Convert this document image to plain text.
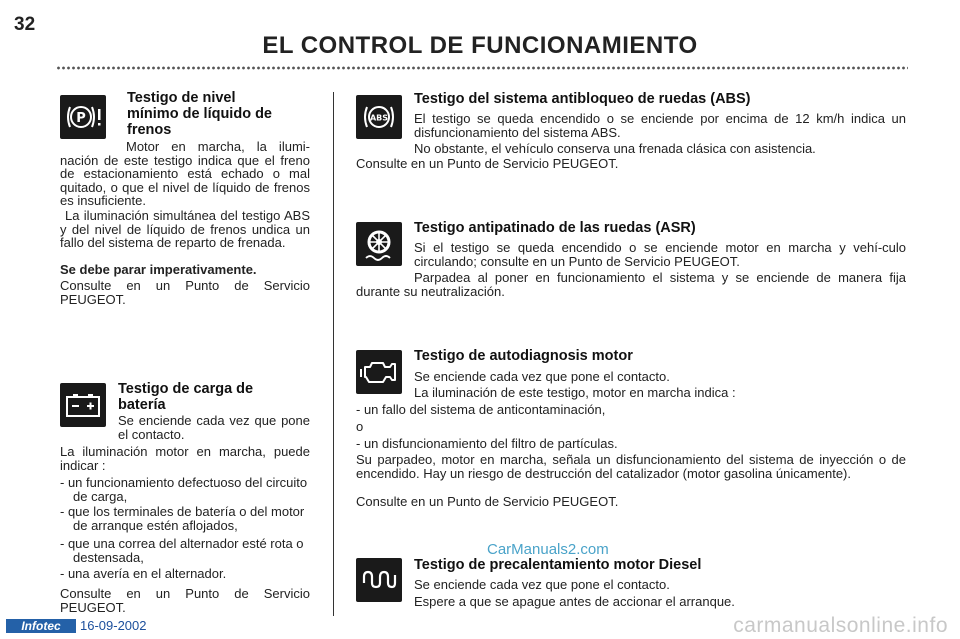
32
EL CONTROL DE FUNCIONAMIENTO
P
Testigo de nivel
mínimo de líquido de
frenos

Motor en marcha, la ilumi-nación de este testigo indica que el freno de estacionamiento está echado o mal quitado, o que el nivel de líquido de frenos es insuficiente.

La iluminación simultánea del testigo ABS y del nivel de líquido de frenos undica un fallo del sistema de reparto de frenada.

Se debe parar imperativamente.

Consulte en un Punto de Servicio PEUGEOT.

Testigo de carga de
batería

Se enciende cada vez que pone el contacto.

La iluminación motor en marcha, puede indicar :

- un funcionamiento defectuoso del circuito de carga,
- que los terminales de batería o del motor de arranque estén aflojados,
- que una correa del alternador esté rota o destensada,
- una avería en el alternador.

Consulte en un Punto de Servicio PEUGEOT.

ABS
Testigo del sistema antibloqueo de ruedas (ABS)

El testigo se queda encendido o se enciende por encima de 12 km/h indica un disfuncionamiento del sistema ABS.

No obstante, el vehículo conserva una frenada clásica con asistencia.

Consulte en un Punto de Servicio PEUGEOT.

Testigo antipatinado de las ruedas (ASR)

Si el testigo se queda encendido o se enciende motor en marcha y vehí-culo circulando; consulte en un Punto de Servicio PEUGEOT.

Parpadea al poner en funcionamiento el sistema y se enciende de manera fija durante su neutralización.

Testigo de autodiagnosis motor

Se enciende cada vez que pone el contacto.

La iluminación de este testigo, motor en marcha indica :

- un fallo del sistema de anticontaminación,
o
- un disfuncionamiento del filtro de partículas.

Su parpadeo, motor en marcha, señala un disfuncionamiento del sistema de inyección o de encendido. Hay un riesgo de destrucción del catalizador (motor gasolina únicamente).

Consulte en un Punto de Servicio PEUGEOT.

Testigo de precalentamiento motor Diesel

Se enciende cada vez que pone el contacto.

Espere a que se apague antes de accionar el arranque.

CarManuals2.com
Infotec	16-09-2002	carmanualsonline.info
